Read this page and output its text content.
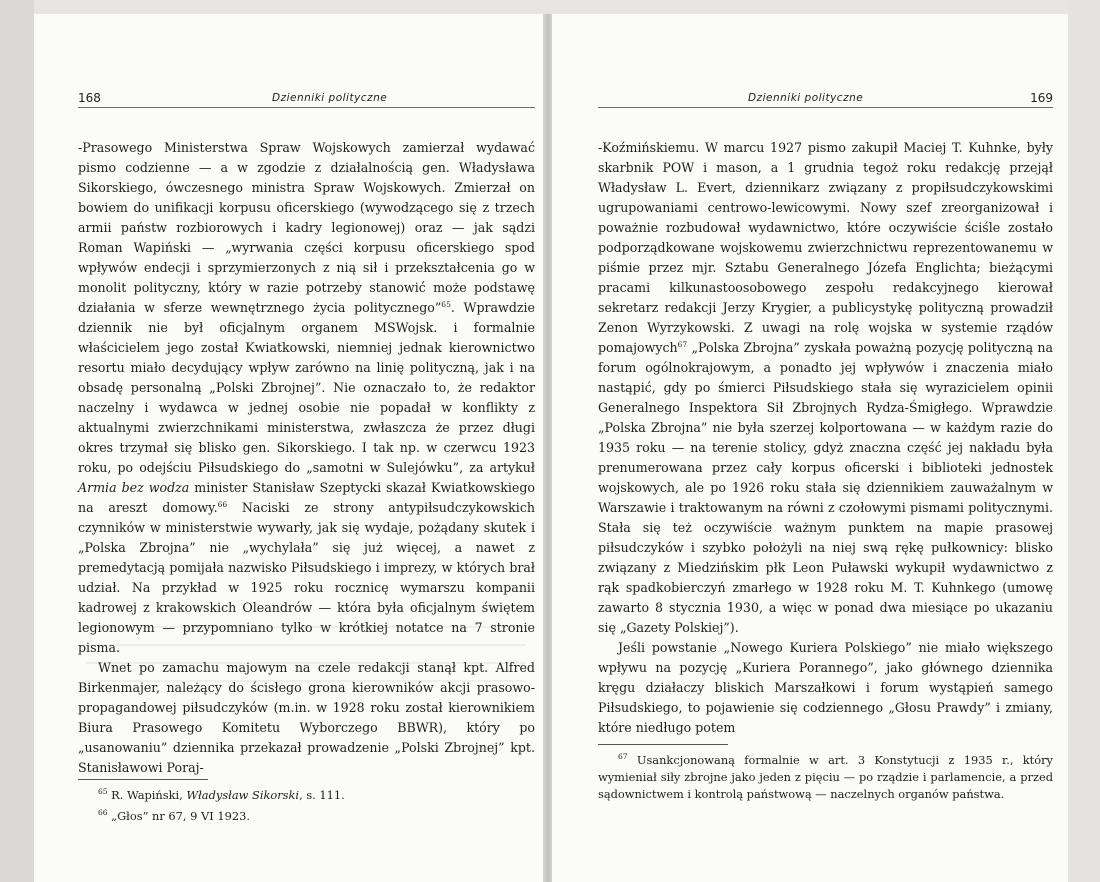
168	Dzienniki polityczne

-Prasowego Ministerstwa Spraw Wojskowych zamierzał wydawać pismo codzienne — a w zgodzie z działalnością gen. Władysława Sikorskiego, ówczesnego ministra Spraw Wojskowych. Zmierzał on bowiem do unifikacji korpusu oficerskiego (wywodzącego się z trzech armii państw rozbiorowych i kadry legionowej) oraz — jak sądzi Roman Wapiński — „wyrwania części korpusu oficerskiego spod wpływów endecji i sprzymierzonych z nią sił i przekształcenia go w monolit polityczny, który w razie potrzeby stanowić może podstawę działania w sferze wewnętrznego życia politycznego”$^{65}$. Wprawdzie dziennik nie był oficjalnym organem MSWojsk. i formalnie właścicielem jego został Kwiatkowski, niemniej jednak kierownictwo resortu miało decydujący wpływ zarówno na linię polityczną, jak i na obsadę personalną „Polski Zbrojnej”. Nie oznaczało to, że redaktor naczelny i wydawca w jednej osobie nie popadał w konflikty z aktualnymi zwierzchnikami ministerstwa, zwłaszcza że przez długi okres trzymał się blisko gen. Sikorskiego. I tak np. w czerwcu 1923 roku, po odejściu Piłsudskiego do „samotni w Sulejówku”, za artykuł Armia bez wodza minister Stanisław Szeptycki skazał Kwiatkowskiego na areszt domowy.$^{66}$ Naciski ze strony antypiłsudczykowskich czynników w ministerstwie wywarły, jak się wydaje, pożądany skutek i „Polska Zbrojna” nie „wychylała” się już więcej, a nawet z premedytacją pomijała nazwisko Piłsudskiego i imprezy, w których brał udział. Na przykład w 1925 roku rocznicę wymarszu kompanii kadrowej z krakowskich Oleandrów — która była oficjalnym świętem legionowym — przypomniano tylko w krótkiej notatce na 7 stronie pisma.

Wnet po zamachu majowym na czele redakcji stanął kpt. Alfred Birkenmajer, należący do ścisłego grona kierowników akcji prasowo-propagandowej piłsudczyków (m.in. w 1928 roku został kierownikiem Biura Prasowego Komitetu Wyborczego BBWR), który po „usanowaniu” dziennika przekazał prowadzenie „Polski Zbrojnej” kpt. Stanisławowi Poraj-

$^{65}$ R. Wapiński, Władysław Sikorski, s. 111.
$^{66}$ „Głos” nr 67, 9 VI 1923.
Dzienniki polityczne	169

-Koźmińskiemu. W marcu 1927 pismo zakupił Maciej T. Kuhnke, były skarbnik POW i mason, a 1 grudnia tegoż roku redakcję przejął Władysław L. Evert, dziennikarz związany z propiłsudczykowskimi ugrupowaniami centrowo-lewicowymi. Nowy szef zreorganizował i poważnie rozbudował wydawnictwo, które oczywiście ściśle zostało podporządkowane wojskowemu zwierzchnictwu reprezentowanemu w piśmie przez mjr. Sztabu Generalnego Józefa Englichta; bieżącymi pracami kilkunastoosobowego zespołu redakcyjnego kierował sekretarz redakcji Jerzy Krygier, a publicystykę polityczną prowadził Zenon Wyrzykowski. Z uwagi na rolę wojska w systemie rządów pomajowych$^{67}$ „Polska Zbrojna” zyskała poważną pozycję polityczną na forum ogólnokrajowym, a ponadto jej wpływów i znaczenia miało nastąpić, gdy po śmierci Piłsudskiego stała się wyrazicielem opinii Generalnego Inspektora Sił Zbrojnych Rydza-Śmigłego. Wprawdzie „Polska Zbrojna” nie była szerzej kolportowana — w każdym razie do 1935 roku — na terenie stolicy, gdyż znaczna część jej nakładu była prenumerowana przez cały korpus oficerski i biblioteki jednostek wojskowych, ale po 1926 roku stała się dziennikiem zauważalnym w Warszawie i traktowanym na równi z czołowymi pismami politycznymi. Stała się też oczywiście ważnym punktem na mapie prasowej piłsudczyków i szybko położyli na niej swą rękę pułkownicy: blisko związany z Miedzińskim płk Leon Puławski wykupił wydawnictwo z rąk spadkobierczyń zmarłego w 1928 roku M. T. Kuhnkego (umowę zawarto 8 stycznia 1930, a więc w ponad dwa miesiące po ukazaniu się „Gazety Polskiej”).

Jeśli powstanie „Nowego Kuriera Polskiego” nie miało większego wpływu na pozycję „Kuriera Porannego”, jako głównego dziennika kręgu działaczy bliskich Marszałkowi i forum wystąpień samego Piłsudskiego, to pojawienie się codziennego „Głosu Prawdy” i zmiany, które niedługo potem

$^{67}$ Usankcjonowaną formalnie w art. 3 Konstytucji z 1935 r., który wymieniał siły zbrojne jako jeden z pięciu — po rządzie i parlamencie, a przed sądownictwem i kontrolą państwową — naczelnych organów państwa.
